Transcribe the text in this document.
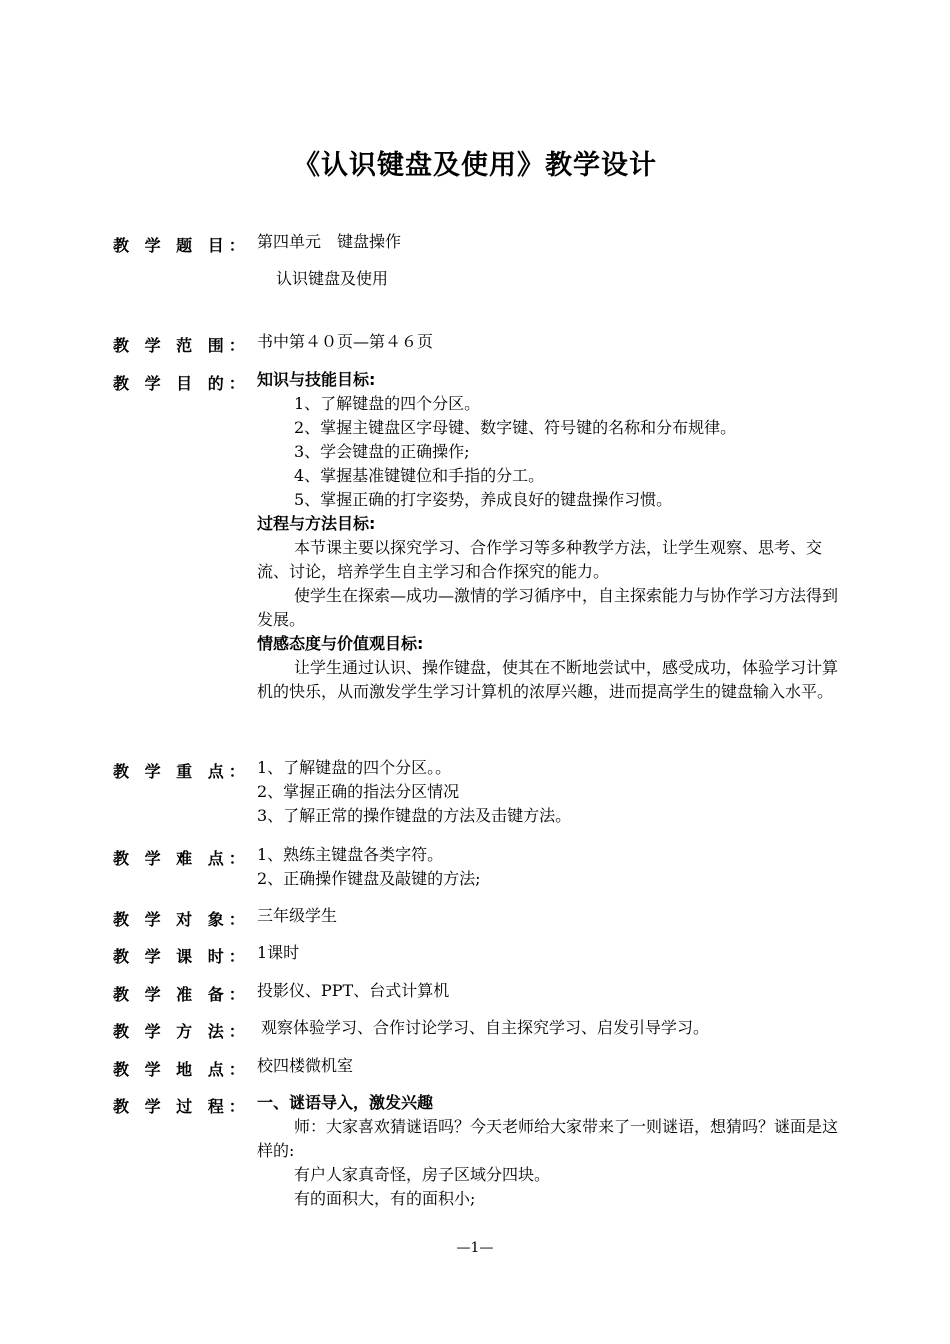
《认识键盘及使用》教学设计
教 学 题 目： 第四单元　键盘操作
认识键盘及使用
教 学 范 围： 书中第４０页—第４６页
教 学 目 的： 知识与技能目标:
1、了解键盘的四个分区。
2、掌握主键盘区字母键、数字键、符号键的名称和分布规律。
3、学会键盘的正确操作;
4、掌握基准键键位和手指的分工。
5、掌握正确的打字姿势，养成良好的键盘操作习惯。
过程与方法目标:
本节课主要以探究学习、合作学习等多种教学方法，让学生观察、思考、交流、讨论，培养学生自主学习和合作探究的能力。
使学生在探索—成功—激情的学习循序中，自主探索能力与协作学习方法得到发展。
情感态度与价值观目标:
让学生通过认识、操作键盘，使其在不断地尝试中，感受成功，体验学习计算机的快乐，从而激发学生学习计算机的浓厚兴趣，进而提高学生的键盘输入水平。
教 学 重 点： 1、了解键盘的四个分区。。
2、掌握正确的指法分区情况
3、了解正常的操作键盘的方法及击键方法。
教 学 难 点： 1、熟练主键盘各类字符。
2、正确操作键盘及敲键的方法;
教 学 对 象： 三年级学生
教 学 课 时： 1课时
教 学 准 备： 投影仪、PPT、台式计算机
教 学 方 法： 观察体验学习、合作讨论学习、自主探究学习、启发引导学习。
教 学 地 点： 校四楼微机室
教 学 过 程： 一、谜语导入，激发兴趣
师：大家喜欢猜谜语吗？今天老师给大家带来了一则谜语，想猜吗？谜面是这样的:
有户人家真奇怪，房子区域分四块。
有的面积大，有的面积小;
—1—
